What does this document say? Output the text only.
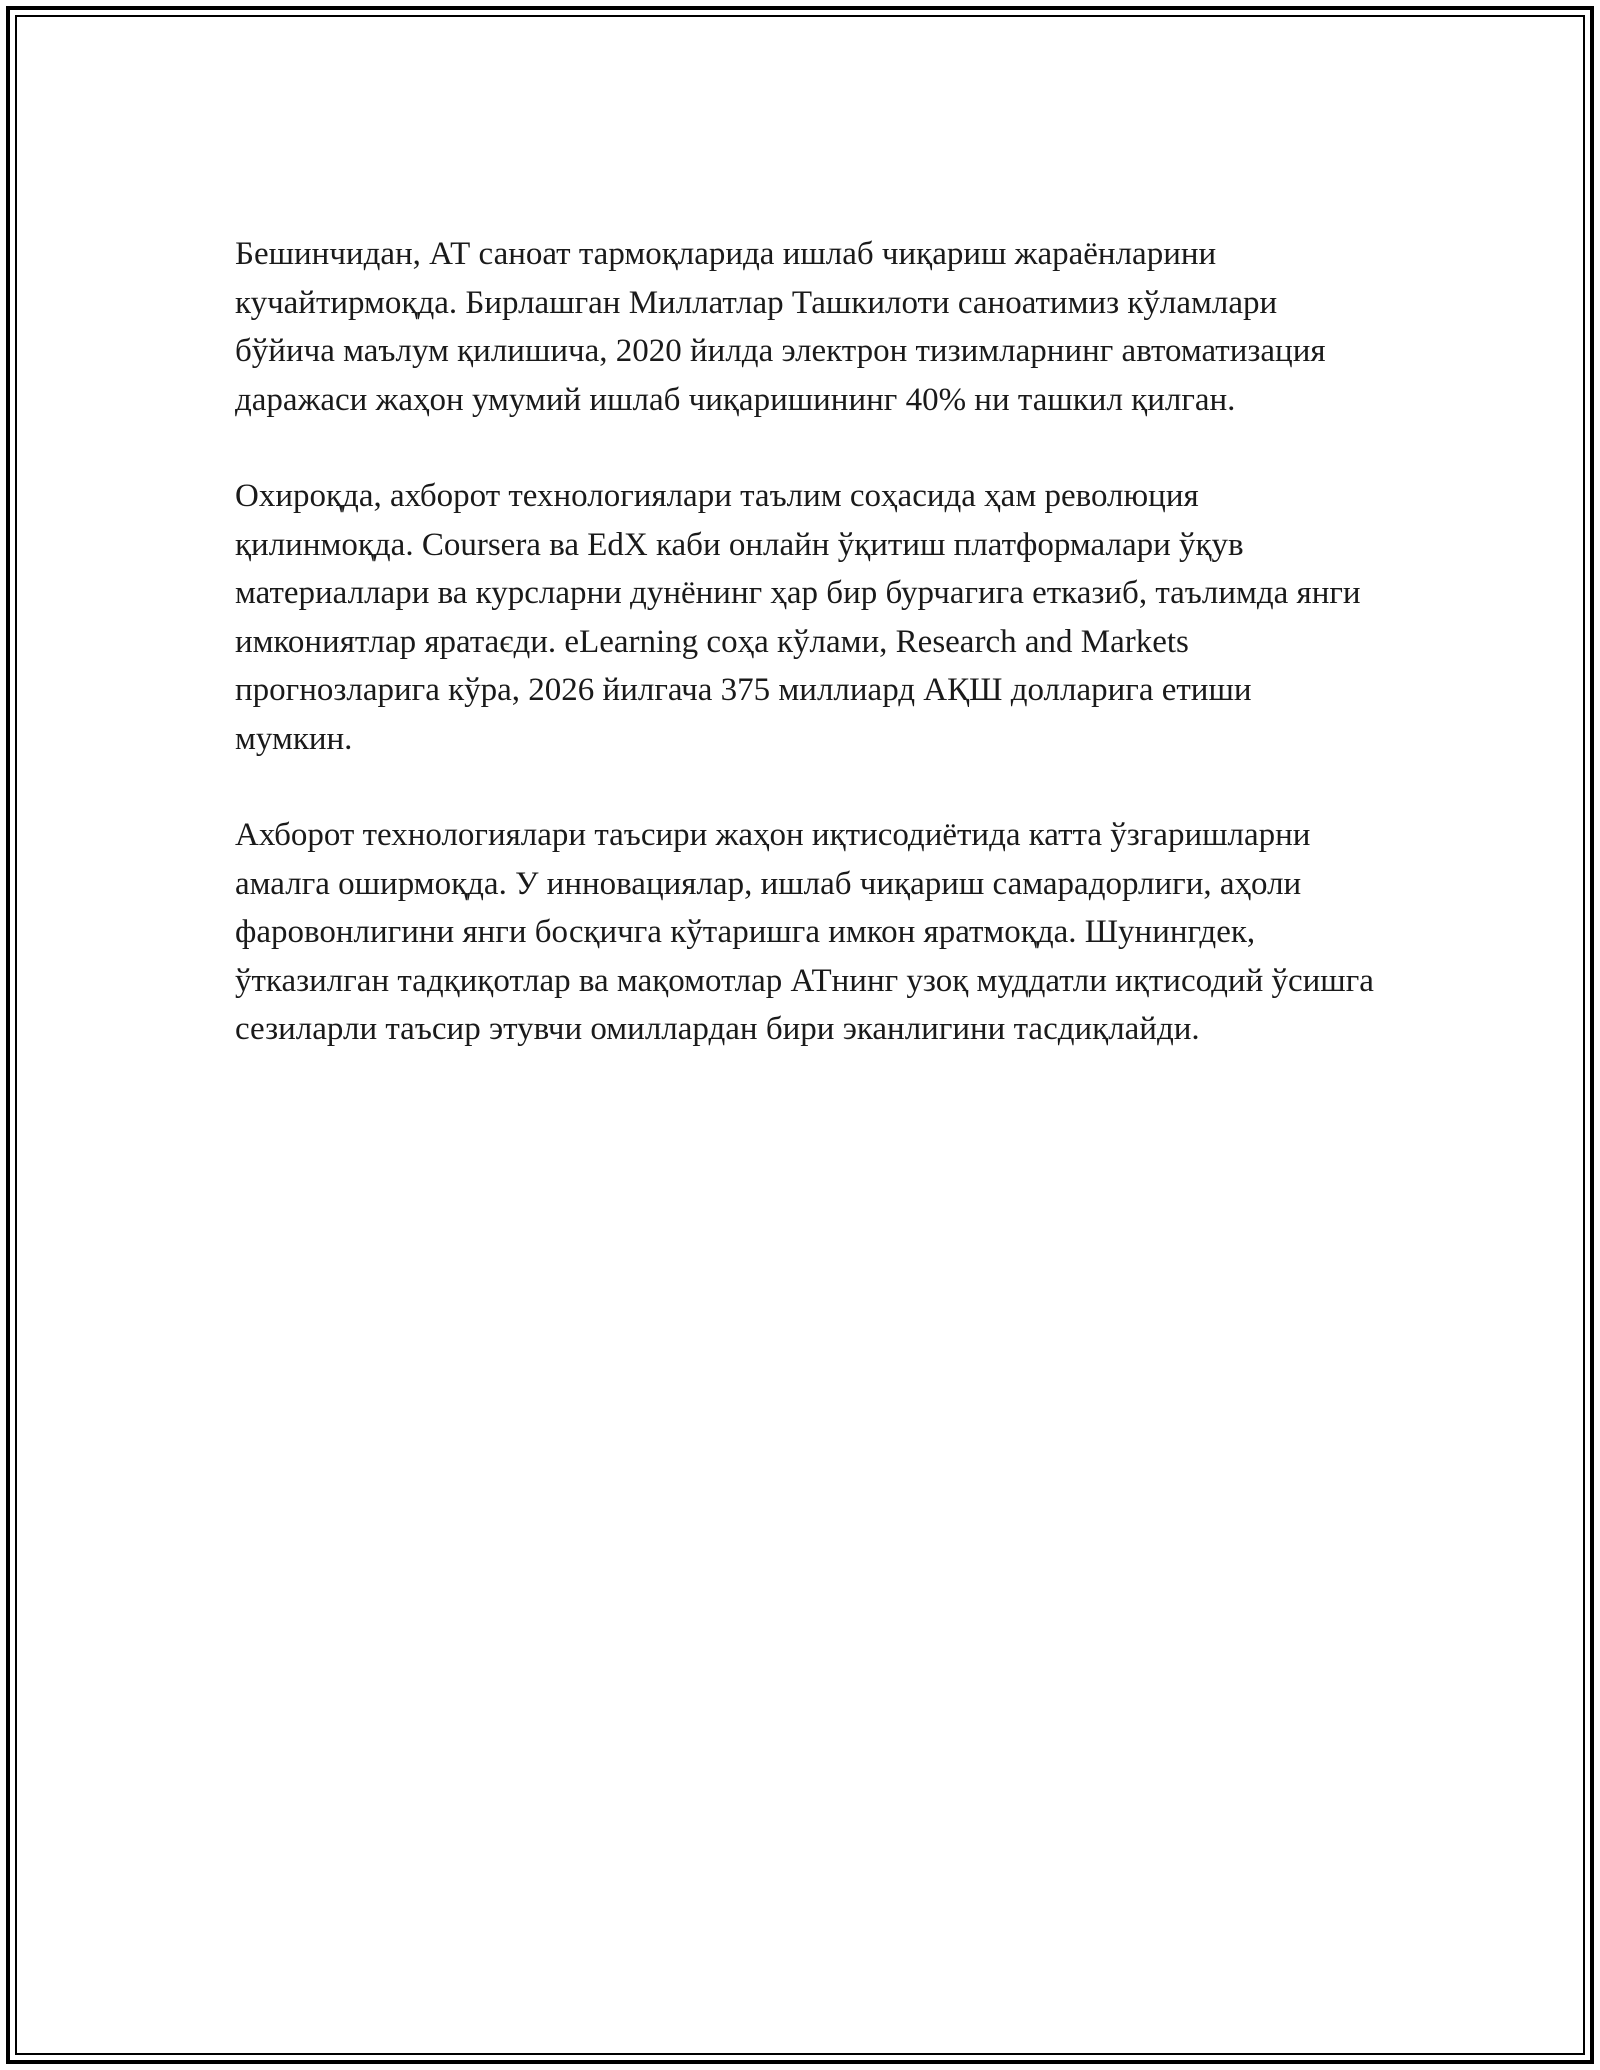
Бешинчидан, АТ саноат тармоқларида ишлаб чиқариш жараёнларини кучайтирмоқда. Бирлашган Миллатлар Ташкилоти саноатимиз кўламлари бўйича маълум қилишича, 2020 йилда электрон тизимларнинг автоматизация даражаси жаҳон умумий ишлаб чиқаришининг 40% ни ташкил қилган.

Охироқда, ахборот технологиялари таълим соҳасида ҳам революция қилинмоқда. Coursera ва EdX каби онлайн ўқитиш платформалари ўқув материаллари ва курсларни дунёнинг ҳар бир бурчагига етказиб, таълимда янги имкониятлар яратаєди. eLearning соҳа кўлами, Research and Markets прогнозларига кўра, 2026 йилгача 375 миллиард АҚШ долларига етиши мумкин.

Ахборот технологиялари таъсири жаҳон иқтисодиётида катта ўзгаришларни амалга оширмоқда. У инновациялар, ишлаб чиқариш самарадорлиги, аҳоли фаровонлигини янги босқичга кўтаришга имкон яратмоқда. Шунингдек, ўтказилган тадқиқотлар ва мақомотлар АТнинг узоқ муддатли иқтисодий ўсишга сезиларли таъсир этувчи омиллардан бири эканлигини тасдиқлайди.
